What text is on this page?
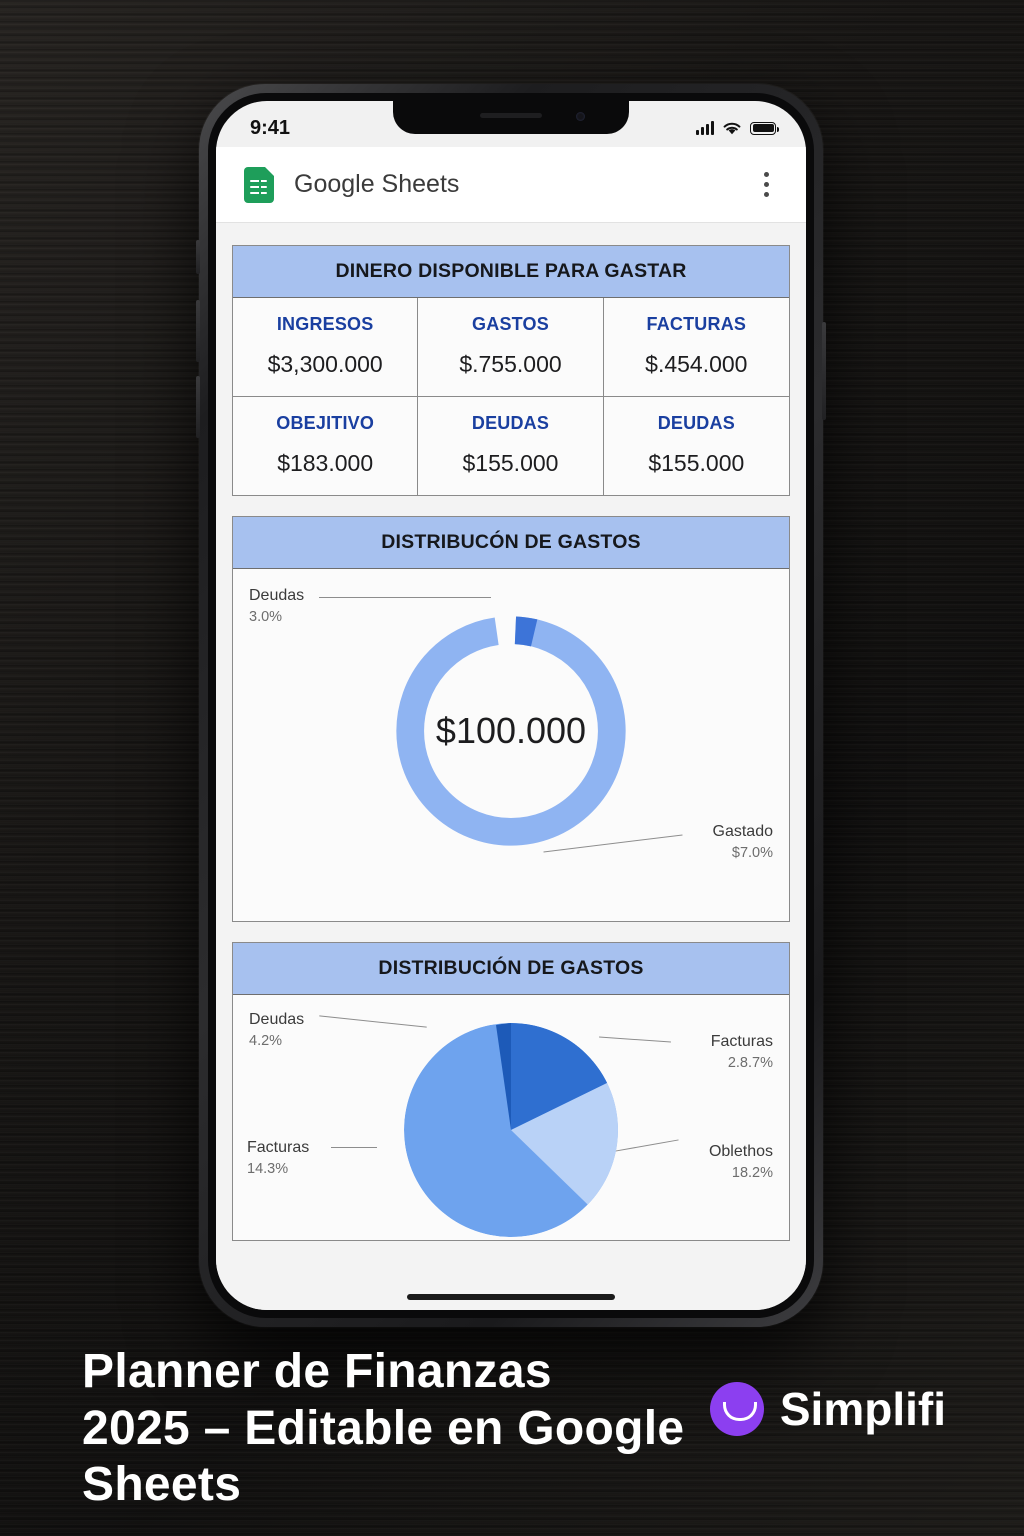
9:41
Google Sheets
DINERO DISPONIBLE PARA GASTAR
INGRESOS
$3,300.000
GASTOS
$.755.000
FACTURAS
$.454.000
OBEJITIVO
$183.000
DEUDAS
$155.000
DEUDAS
$155.000
DISTRIBUCÓN DE GASTOS
Deudas
3.0%
Gastado
$7.0%
$100.000
DISTRIBUCIÓN DE GASTOS
Deudas
4.2%	Facturas
2.8.7%
Facturas
14.3%
Oblethos
18.2%
Planner de Finanzas
2025 – Editable en Google Sheets
Simplifi
